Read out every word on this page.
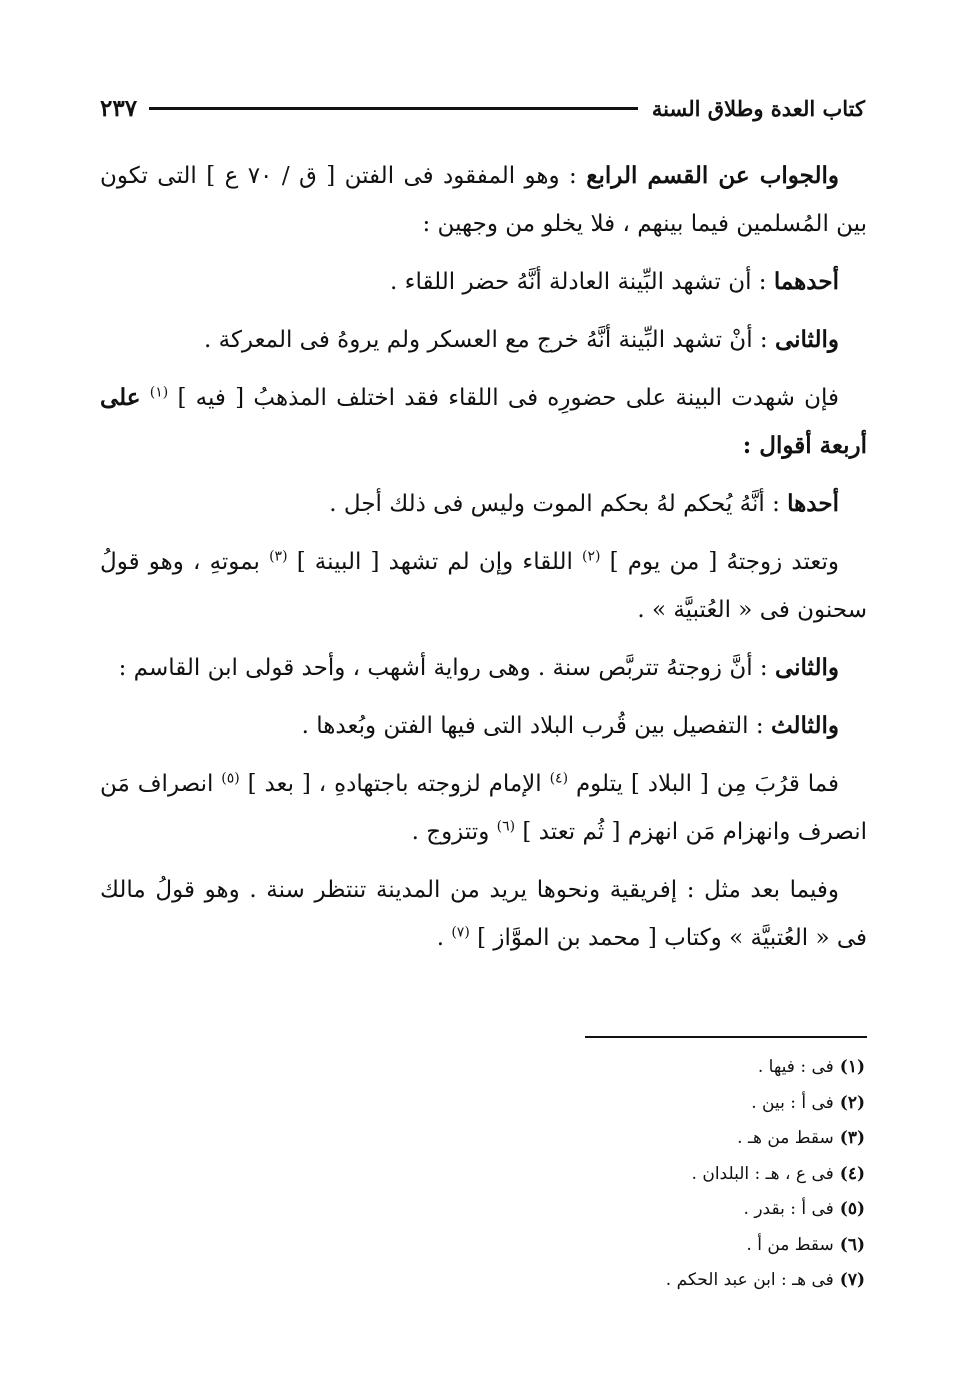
كتاب العدة وطلاق السنة
٢٣٧

والجواب عن القسم الرابع : وهو المفقود فى الفتن [ ق / ٧٠ ع ] التى تكون بين المُسلمين فيما بينهم ، فلا يخلو من وجهين :

أحدهما : أن تشهد البِّينة العادلة أنَّهُ حضر اللقاء .

والثانى : أنْ تشهد البِّينة أنَّهُ خرج مع العسكر ولم يروهُ فى المعركة .

فإن شهدت البينة على حضورِه فى اللقاء فقد اختلف المذهبُ [ فيه ] $^{(١)}$ على أربعة أقوال :

أحدها : أنَّهُ يُحكم لهُ بحكم الموت وليس فى ذلك أجل .

وتعتد زوجتهُ [ من يوم ] $^{(٢)}$ اللقاء وإن لم تشهد [ البينة ] $^{(٣)}$ بموتهِ ، وهو قولُ سحنون فى « العُتبيَّة » .

والثانى : أنَّ زوجتهُ تتربَّص سنة . وهى رواية أشهب ، وأحد قولى ابن القاسم :

والثالث : التفصيل بين قُرب البلاد التى فيها الفتن وبُعدها .

فما قرُبَ مِن [ البلاد ] يتلوم $^{(٤)}$ الإمام لزوجته باجتهادهِ ، [ بعد ] $^{(٥)}$ انصراف مَن انصرف وانهزام مَن انهزم [ ثُم تعتد ] $^{(٦)}$ وتتزوج .

وفيما بعد مثل : إفريقية ونحوها يريد من المدينة تنتظر سنة . وهو قولُ مالك فى « العُتبيَّة » وكتاب [ محمد بن الموَّاز ] $^{(٧)}$ .

(١)فى : فيها .
(٢)فى أ : بين .
(٣)سقط من هـ .
(٤)فى ع ، هـ : البلدان .
(٥)فى أ : بقدر .
(٦)سقط من أ .
(٧)فى هـ : ابن عبد الحكم .
